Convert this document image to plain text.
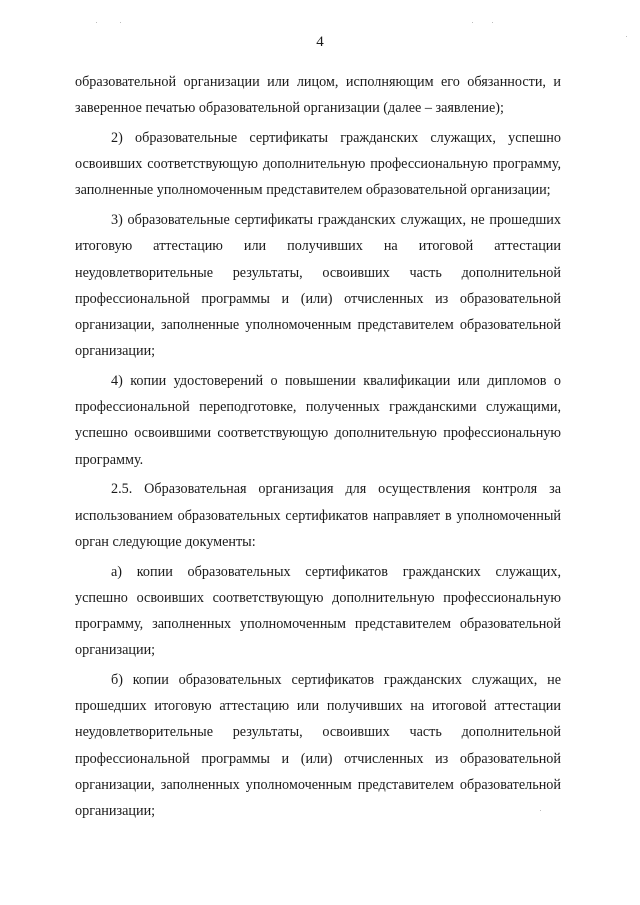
4

образовательной организации или лицом, исполняющим его обязанности, и заверенное печатью образовательной организации (далее – заявление);

2) образовательные сертификаты гражданских служащих, успешно освоивших соответствующую дополнительную профессиональную программу, заполненные уполномоченным представителем образовательной организации;

3) образовательные сертификаты гражданских служащих, не прошедших итоговую аттестацию или получивших на итоговой аттестации неудовлетворительные результаты, освоивших часть дополнительной профессиональной программы и (или) отчисленных из образовательной организации, заполненные уполномоченным представителем образовательной организации;

4) копии удостоверений о повышении квалификации или дипломов о профессиональной переподготовке, полученных гражданскими служащими, успешно освоившими соответствующую дополнительную профессиональную программу.

2.5. Образовательная организация для осуществления контроля за использованием образовательных сертификатов направляет в уполномоченный орган следующие документы:

а) копии образовательных сертификатов гражданских служащих, успешно освоивших соответствующую дополнительную профессиональную программу, заполненных уполномоченным представителем образовательной организации;

б) копии образовательных сертификатов гражданских служащих, не прошедших итоговую аттестацию или получивших на итоговой аттестации неудовлетворительные результаты, освоивших часть дополнительной профессиональной программы и (или) отчисленных из образовательной организации, заполненных уполномоченным представителем образовательной организации;
